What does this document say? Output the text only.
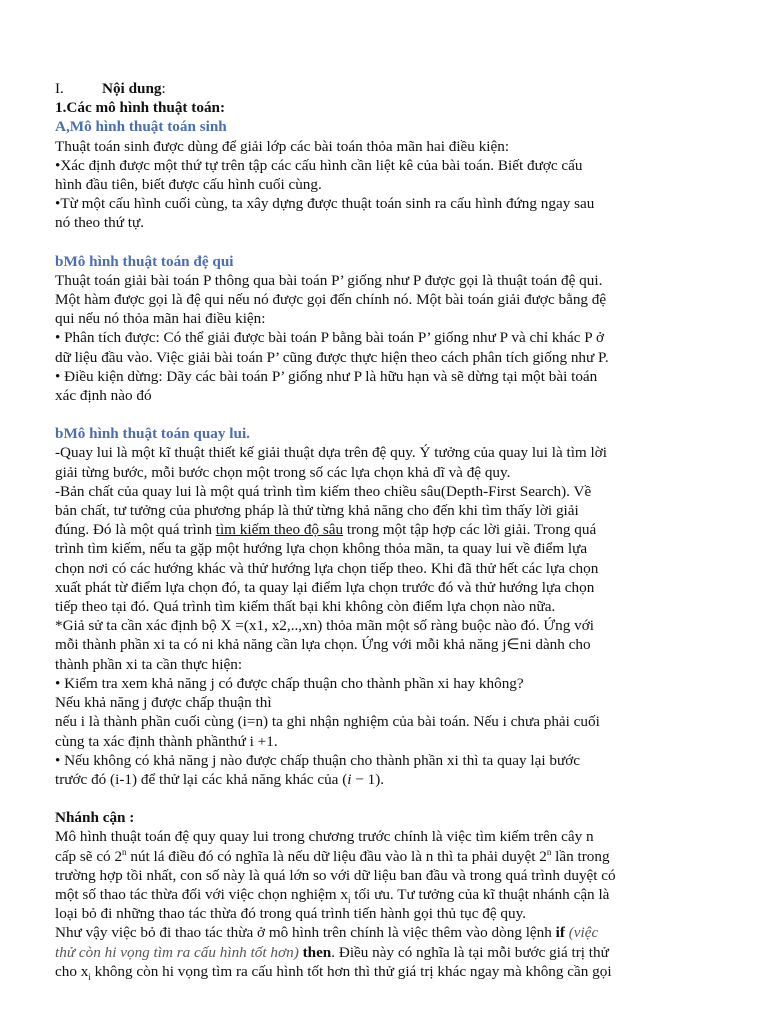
I.	Nội dung:
1.Các mô hình thuật toán:
A,Mô hình thuật toán sinh
Thuật toán sinh được dùng để giải lớp các bài toán thỏa mãn hai điều kiện:
•Xác định được một thứ tự trên tập các cấu hình cần liệt kê của bài toán. Biết được cấu
hình đầu tiên, biết được cấu hình cuối cùng.
•Từ một cấu hình cuối cùng, ta xây dựng được thuật toán sinh ra cấu hình đứng ngay sau
nó theo thứ tự.
bMô hình thuật toán đệ qui
Thuật toán giải bài toán P thông qua bài toán P’ giống như P được gọi là thuật toán đệ qui.
Một hàm được gọi là đệ qui nếu nó được gọi đến chính nó. Một bài toán giải được bằng đệ
qui nếu nó thỏa mãn hai điều kiện:
• Phân tích được: Có thể giải được bài toán P bằng bài toán P’ giống như P và chỉ khác P ở
dữ liệu đầu vào. Việc giải bài toán P’ cũng được thực hiện theo cách phân tích giống như P.
• Điều kiện dừng: Dãy các bài toán P’ giống như P là hữu hạn và sẽ dừng tại một bài toán
xác định nào đó
bMô hình thuật toán quay lui.
-Quay lui là một kĩ thuật thiết kế giải thuật dựa trên đệ quy. Ý tưởng của quay lui là tìm lời
giải từng bước, mỗi bước chọn một trong số các lựa chọn khả dĩ và đệ quy.
-Bản chất của quay lui là một quá trình tìm kiếm theo chiều sâu(Depth-First Search). Về
bản chất, tư tưởng của phương pháp là thử từng khả năng cho đến khi tìm thấy lời giải
đúng. Đó là một quá trình tìm kiếm theo độ sâu trong một tập hợp các lời giải. Trong quá
trình tìm kiếm, nếu ta gặp một hướng lựa chọn không thỏa mãn, ta quay lui về điểm lựa
chọn nơi có các hướng khác và thử hướng lựa chọn tiếp theo. Khi đã thử hết các lựa chọn
xuất phát từ điểm lựa chọn đó, ta quay lại điểm lựa chọn trước đó và thử hướng lựa chọn
tiếp theo tại đó. Quá trình tìm kiếm thất bại khi không còn điểm lựa chọn nào nữa.
*Giả sử ta cần xác định bộ X =(x1, x2,..,xn) thỏa mãn một số ràng buộc nào đó. Ứng với
mỗi thành phần xi ta có ni khả năng cần lựa chọn. Ứng với mỗi khả năng j∈ni dành cho
thành phần xi ta cần thực hiện:
• Kiểm tra xem khả năng j có được chấp thuận cho thành phần xi hay không?
Nếu khả năng j được chấp thuận thì
nếu i là thành phần cuối cùng (i=n) ta ghi nhận nghiệm của bài toán. Nếu i chưa phải cuối
cùng ta xác định thành phầnthứ i +1.
• Nếu không có khả năng j nào được chấp thuận cho thành phần xi thì ta quay lại bước
trước đó (i-1) để thử lại các khả năng khác của (i − 1).
Nhánh cận :
Mô hình thuật toán đệ quy quay lui trong chương trước chính là việc tìm kiếm trên cây n
cấp sẽ có 2$^n$ nút lá điều đó có nghĩa là nếu dữ liệu đầu vào là n thì ta phải duyệt 2$^n$ lần trong
trường hợp tồi nhất, con số này là quá lớn so với dữ liệu ban đầu và trong quá trình duyệt có
một số thao tác thừa đối với việc chọn nghiệm $x_i$ tối ưu. Tư tưởng của kĩ thuật nhánh cận là
loại bỏ đi những thao tác thừa đó trong quá trình tiến hành gọi thủ tục đệ quy.
Như vậy việc bỏ đi thao tác thừa ở mô hình trên chính là việc thêm vào dòng lệnh if (việc
thử còn hi vọng tìm ra cấu hình tốt hơn) then. Điều này có nghĩa là tại mỗi bước giá trị thử
cho $x_i$ không còn hi vọng tìm ra cấu hình tốt hơn thì thử giá trị khác ngay mà không cần gọi
